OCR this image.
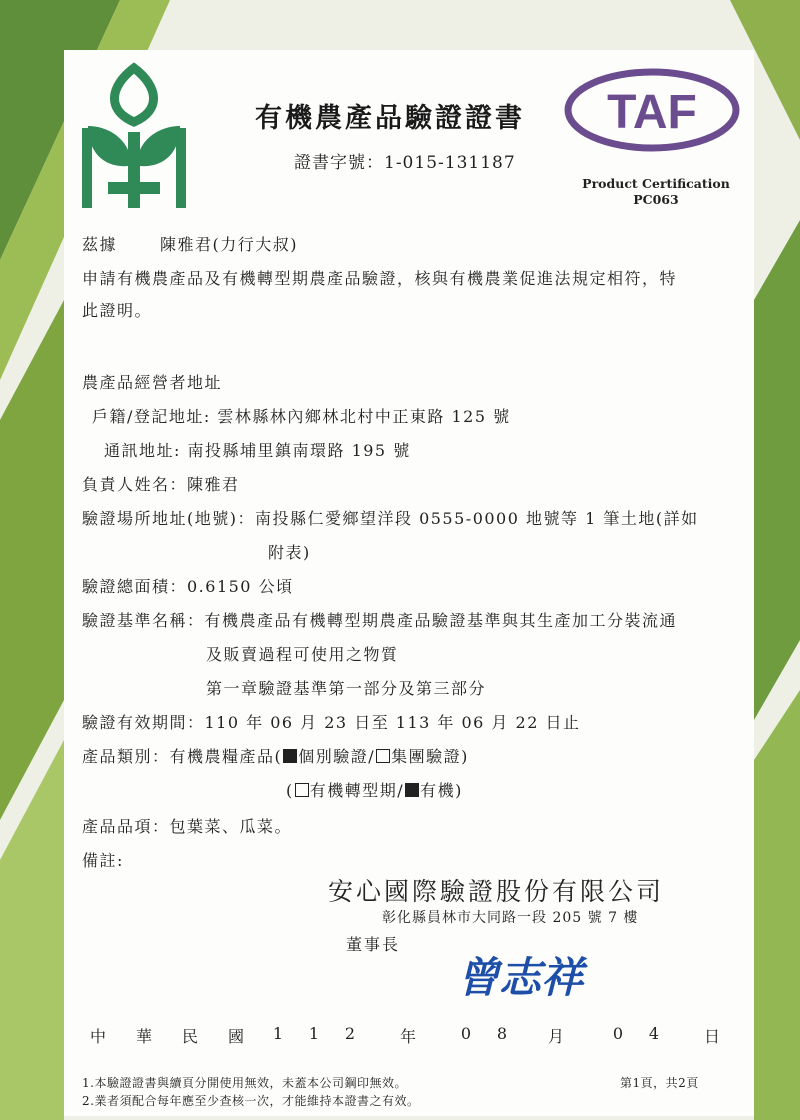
TAF
有機農產品驗證證書
證書字號：1-015-131187
Product Certification
PC063
茲據	陳雅君(力行大叔)
申請有機農產品及有機轉型期農產品驗證，核與有機農業促進法規定相符，特
此證明。
農產品經營者地址
戶籍/登記地址: 雲林縣林內鄉林北村中正東路 125 號
通訊地址: 南投縣埔里鎮南環路 195 號
負責人姓名：陳雅君
驗證場所地址(地號)：南投縣仁愛鄉望洋段 0555-0000 地號等 1 筆土地(詳如
附表)
驗證總面積：0.6150 公頃
驗證基準名稱：有機農產品有機轉型期農產品驗證基準與其生產加工分裝流通
及販賣過程可使用之物質
第一章驗證基準第一部分及第三部分
驗證有效期間：110 年 06 月 23 日至 113 年 06 月 22 日止
產品類別：有機農糧產品( 個別驗證/ 集團驗證)
( 有機轉型期/ 有機)
產品品項：包葉菜、瓜菜。
備註:
安心國際驗證股份有限公司
彰化縣員林市大同路一段 205 號 7 樓
董事長
曾志祥
中	華	民	國	1	1	2	年	0	8	月	0	4	日
1.本驗證證書與續頁分開使用無效，未蓋本公司鋼印無效。
2.業者須配合每年應至少查核一次，才能維持本證書之有效。
第1頁，共2頁
